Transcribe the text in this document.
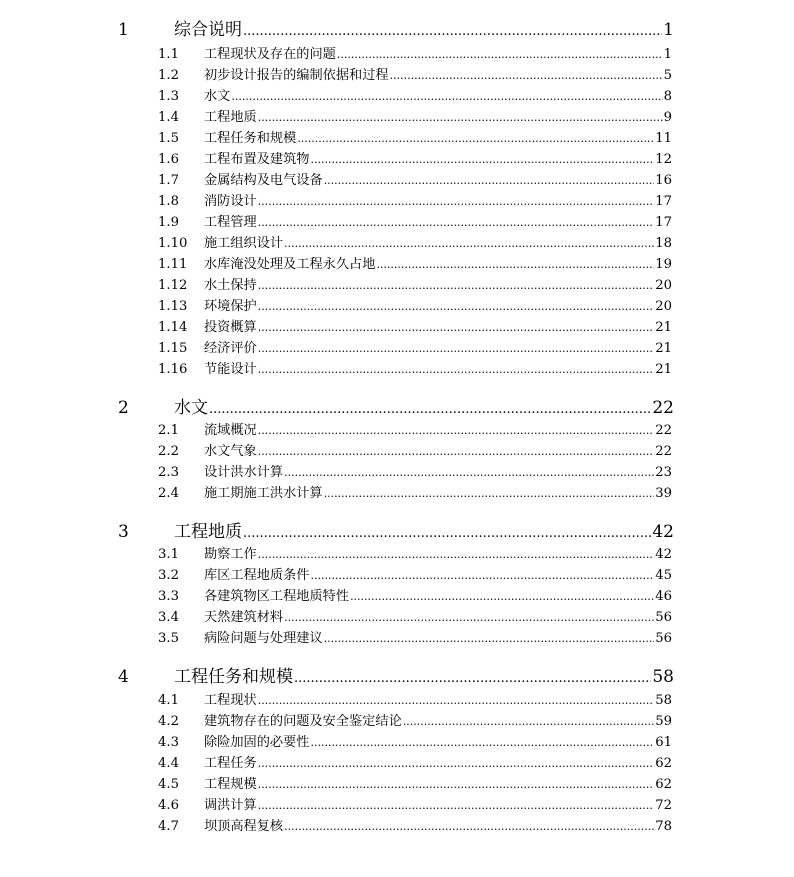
1	综合说明 .....	1
1.1	工程现状及存在的问题 .....	1
1.2	初步设计报告的编制依据和过程 .....	5
1.3	水文 .....	8
1.4	工程地质 .....	9
1.5	工程任务和规模 .....	11
1.6	工程布置及建筑物 .....	12
1.7	金属结构及电气设备 .....	16
1.8	消防设计 .....	17
1.9	工程管理 .....	17
1.10	施工组织设计 .....	18
1.11	水库淹没处理及工程永久占地 .....	19
1.12	水土保持 .....	20
1.13	环境保护 .....	20
1.14	投资概算 .....	21
1.15	经济评价 .....	21
1.16	节能设计 .....	21
2	水文 .....	22
2.1	流域概况 .....	22
2.2	水文气象 .....	22
2.3	设计洪水计算 .....	23
2.4	施工期施工洪水计算 .....	39
3	工程地质 .....	42
3.1	勘察工作 .....	42
3.2	库区工程地质条件 .....	45
3.3	各建筑物区工程地质特性 .....	46
3.4	天然建筑材料 .....	56
3.5	病险问题与处理建议 .....	56
4	工程任务和规模 .....	58
4.1	工程现状 .....	58
4.2	建筑物存在的问题及安全鉴定结论 .....	59
4.3	除险加固的必要性 .....	61
4.4	工程任务 .....	62
4.5	工程规模 .....	62
4.6	调洪计算 .....	72
4.7	坝顶高程复核 .....	78
